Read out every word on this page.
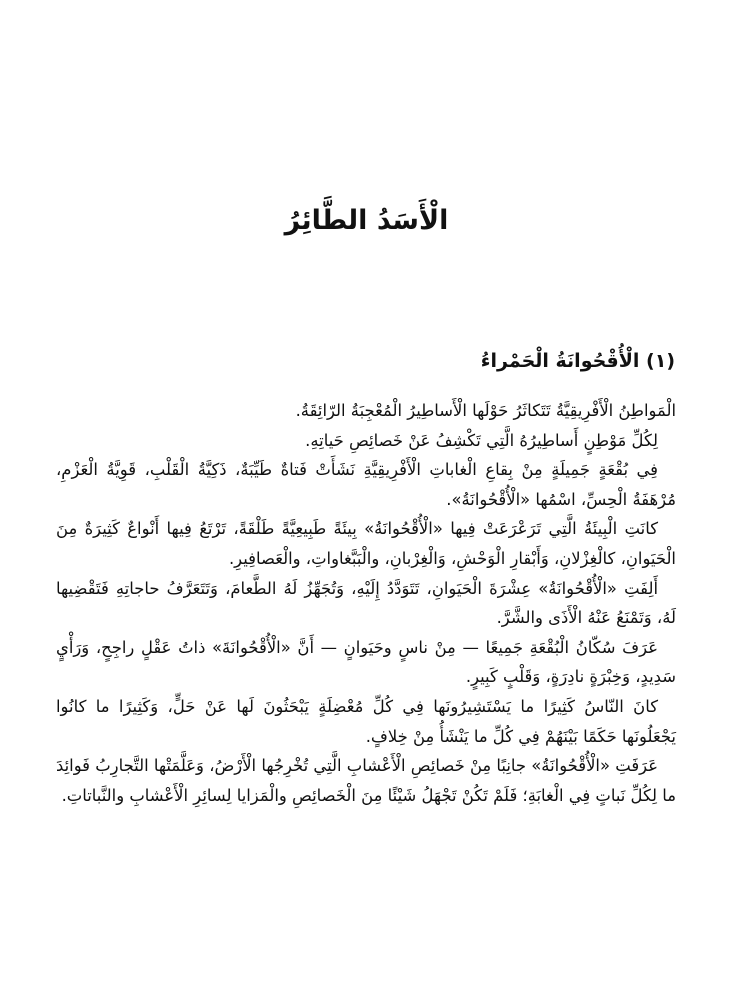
الْأَسَدُ الطَّائِرُ
(١) الْأُقْحُوانَةُ الْحَمْراءُ

الْمَواطِنُ الْأَفْرِيقِيَّةُ تَتَكاثَرُ حَوْلَها الْأَساطِيرُ الْمُعْجِبَةُ الرّائِقَةُ.

لِكُلِّ مَوْطِنٍ أَساطِيرُهُ الَّتِي تَكْشِفُ عَنْ خَصائِصِ حَياتِهِ.

فِي بُقْعَةٍ جَمِيلَةٍ مِنْ بِقاعِ الْغاباتِ الْأَفْرِيقِيَّةِ نَشَأَتْ فَتاةٌ طَيِّبَةٌ، ذَكِيَّةُ الْقَلْبِ، قَوِيَّةُ الْعَزْمِ، مُرْهَفَةُ الْحِسِّ، اسْمُها «الْأُقْحُوانَةُ».

كانَتِ الْبِيئَةُ الَّتِي تَرَعْرَعَتْ فِيها «الْأُقْحُوانَةُ» بِيئَةً طَبِيعِيَّةً طَلْقَةً، تَرْتَعُ فِيها أَنْواعٌ كَثِيرَةٌ مِنَ الْحَيَوانِ، كالْغِزْلانِ، وَأَبْقارِ الْوَحْشِ، وَالْغِرْبانِ، والْبَبَّغاواتِ، والْعَصافِيرِ.

أَلِفَتِ «الْأُقْحُوانَةُ» عِشْرَةَ الْحَيَوانِ، تَتَوَدَّدُ إِلَيْهِ، وَتُجَهِّزُ لَهُ الطَّعامَ، وَتَتَعَرَّفُ حاجاتِهِ فَتَقْضِيها لَهُ، وَتَمْنَعُ عَنْهُ الْأَذَى والشَّرَّ.

عَرَفَ سُكّانُ الْبُقْعَةِ جَمِيعًا — مِنْ ناسٍ وحَيَوانٍ — أَنَّ «الْأُقْحُوانَةَ» ذاتُ عَقْلٍ راجِحٍ، وَرَأْيٍ سَدِيدٍ، وَخِبْرَةٍ نادِرَةٍ، وَقَلْبٍ كَبِيرٍ.

كانَ النّاسُ كَثِيرًا ما يَسْتَشِيرُونَها فِي كُلِّ مُعْضِلَةٍ يَبْحَثُونَ لَها عَنْ حَلٍّ، وَكَثِيرًا ما كانُوا يَجْعَلُونَها حَكَمًا بَيْنَهُمْ فِي كُلِّ ما يَنْشَأُ مِنْ خِلافٍ.

عَرَفَتِ «الْأُقْحُوانَةُ» جانِبًا مِنْ خَصائِصِ الْأَعْشابِ الَّتِي تُخْرِجُها الْأَرْضُ، وَعَلَّمَتْها التَّجارِبُ فَوائِدَ ما لِكُلِّ نَباتٍ فِي الْغابَةِ؛ فَلَمْ تَكُنْ تَجْهَلُ شَيْئًا مِنَ الْخَصائِصِ والْمَزايا لِسائِرِ الْأَعْشابِ والنَّباتاتِ.
